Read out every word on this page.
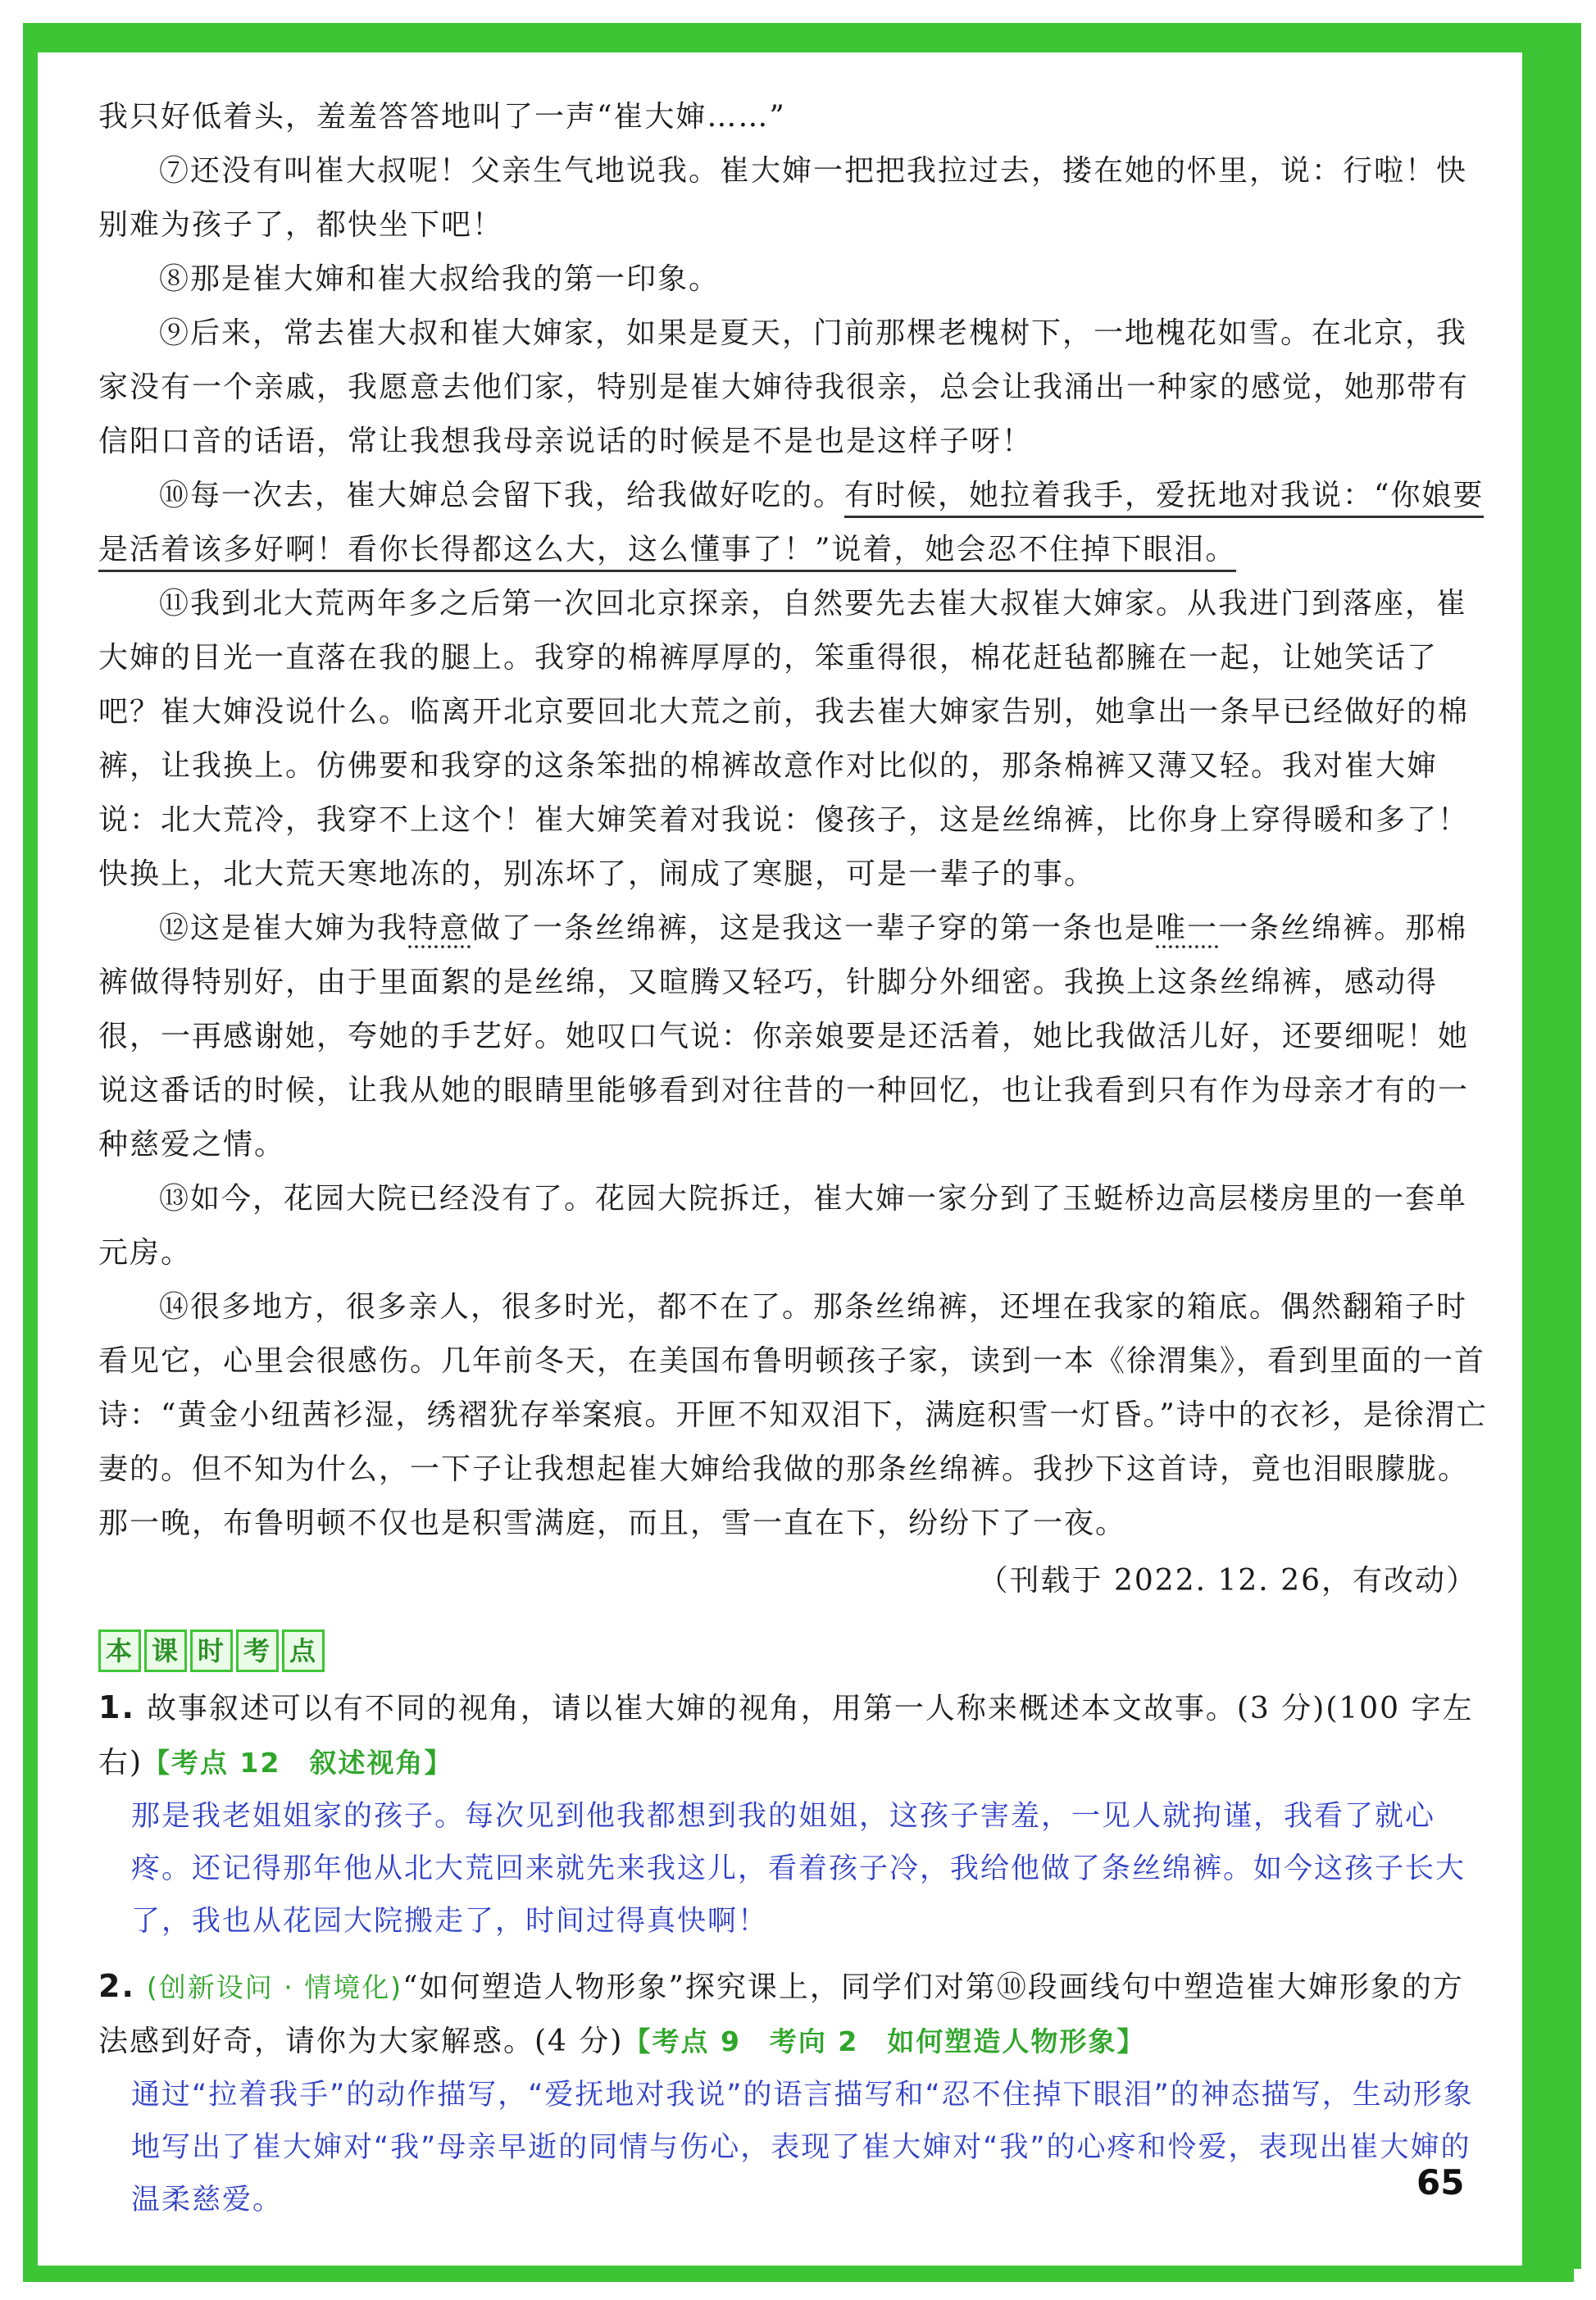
我只好低着头，羞羞答答地叫了一声“崔大婶……”

⑦还没有叫崔大叔呢！父亲生气地说我。崔大婶一把把我拉过去，搂在她的怀里，说：行啦！快别难为孩子了，都快坐下吧！

⑧那是崔大婶和崔大叔给我的第一印象。

⑨后来，常去崔大叔和崔大婶家，如果是夏天，门前那棵老槐树下，一地槐花如雪。在北京，我家没有一个亲戚，我愿意去他们家，特别是崔大婶待我很亲，总会让我涌出一种家的感觉，她那带有信阳口音的话语，常让我想我母亲说话的时候是不是也是这样子呀！

⑩每一次去，崔大婶总会留下我，给我做好吃的。有时候，她拉着我手，爱抚地对我说：“你娘要是活着该多好啊！看你长得都这么大，这么懂事了！”说着，她会忍不住掉下眼泪。

⑪我到北大荒两年多之后第一次回北京探亲，自然要先去崔大叔崔大婶家。从我进门到落座，崔大婶的目光一直落在我的腿上。我穿的棉裤厚厚的，笨重得很，棉花赶毡都臃在一起，让她笑话了吧？崔大婶没说什么。临离开北京要回北大荒之前，我去崔大婶家告别，她拿出一条早已经做好的棉裤，让我换上。仿佛要和我穿的这条笨拙的棉裤故意作对比似的，那条棉裤又薄又轻。我对崔大婶说：北大荒冷，我穿不上这个！崔大婶笑着对我说：傻孩子，这是丝绵裤，比你身上穿得暖和多了！快换上，北大荒天寒地冻的，别冻坏了，闹成了寒腿，可是一辈子的事。

⑫这是崔大婶为我特意做了一条丝绵裤，这是我这一辈子穿的第一条也是唯一一条丝绵裤。那棉裤做得特别好，由于里面絮的是丝绵，又暄腾又轻巧，针脚分外细密。我换上这条丝绵裤，感动得很，一再感谢她，夸她的手艺好。她叹口气说：你亲娘要是还活着，她比我做活儿好，还要细呢！她说这番话的时候，让我从她的眼睛里能够看到对往昔的一种回忆，也让我看到只有作为母亲才有的一种慈爱之情。

⑬如今，花园大院已经没有了。花园大院拆迁，崔大婶一家分到了玉蜓桥边高层楼房里的一套单元房。

⑭很多地方，很多亲人，很多时光，都不在了。那条丝绵裤，还埋在我家的箱底。偶然翻箱子时看见它，心里会很感伤。几年前冬天，在美国布鲁明顿孩子家，读到一本《徐渭集》，看到里面的一首诗：“黄金小纽茜衫湿，绣褶犹存举案痕。开匣不知双泪下，满庭积雪一灯昏。”诗中的衣衫，是徐渭亡妻的。但不知为什么，一下子让我想起崔大婶给我做的那条丝绵裤。我抄下这首诗，竟也泪眼朦胧。那一晚，布鲁明顿不仅也是积雪满庭，而且，雪一直在下，纷纷下了一夜。

（刊载于 2022. 12. 26，有改动）

本 课 时 考 点
1. 故事叙述可以有不同的视角，请以崔大婶的视角，用第一人称来概述本文故事。(3 分)(100 字左右)【考点 12　叙述视角】
那是我老姐姐家的孩子。每次见到他我都想到我的姐姐，这孩子害羞，一见人就拘谨，我看了就心疼。还记得那年他从北大荒回来就先来我这儿，看着孩子冷，我给他做了条丝绵裤。如今这孩子长大了，我也从花园大院搬走了，时间过得真快啊！
2. (创新设问 · 情境化)“如何塑造人物形象”探究课上，同学们对第⑩段画线句中塑造崔大婶形象的方法感到好奇，请你为大家解惑。(4 分)【考点 9　考向 2　如何塑造人物形象】
通过“拉着我手”的动作描写，“爱抚地对我说”的语言描写和“忍不住掉下眼泪”的神态描写，生动形象地写出了崔大婶对“我”母亲早逝的同情与伤心，表现了崔大婶对“我”的心疼和怜爱，表现出崔大婶的温柔慈爱。	65
